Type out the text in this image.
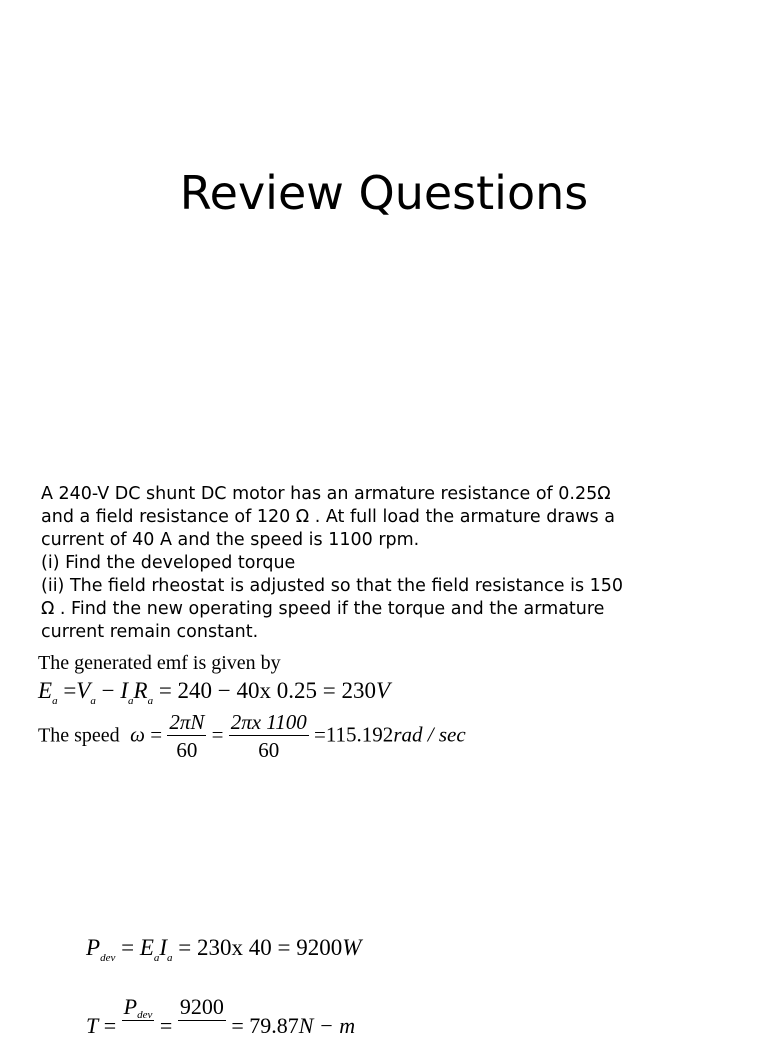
Review Questions
A 240-V DC shunt DC motor has an armature resistance of 0.25Ω
and a field resistance of 120 Ω . At full load the armature draws a
current of 40 A and the speed is 1100 rpm.
(i) Find the developed torque
(ii) The field rheostat is adjusted so that the field resistance is 150
Ω . Find the new operating speed if the torque and the armature
current remain constant.
The generated emf is given by
$E_a =V_a - I_aR_a = 240 - 40x$ 0.25 = 230V
The speed $\omega = \frac{2\pi N}{60} = \frac{2\pi x 1100}{60} =115.192rad / \sec$
$P_{dev} = E_aI_a = 230x$ 40 = 9200W
T =
Pdev =
9200
= 79.87N − m
